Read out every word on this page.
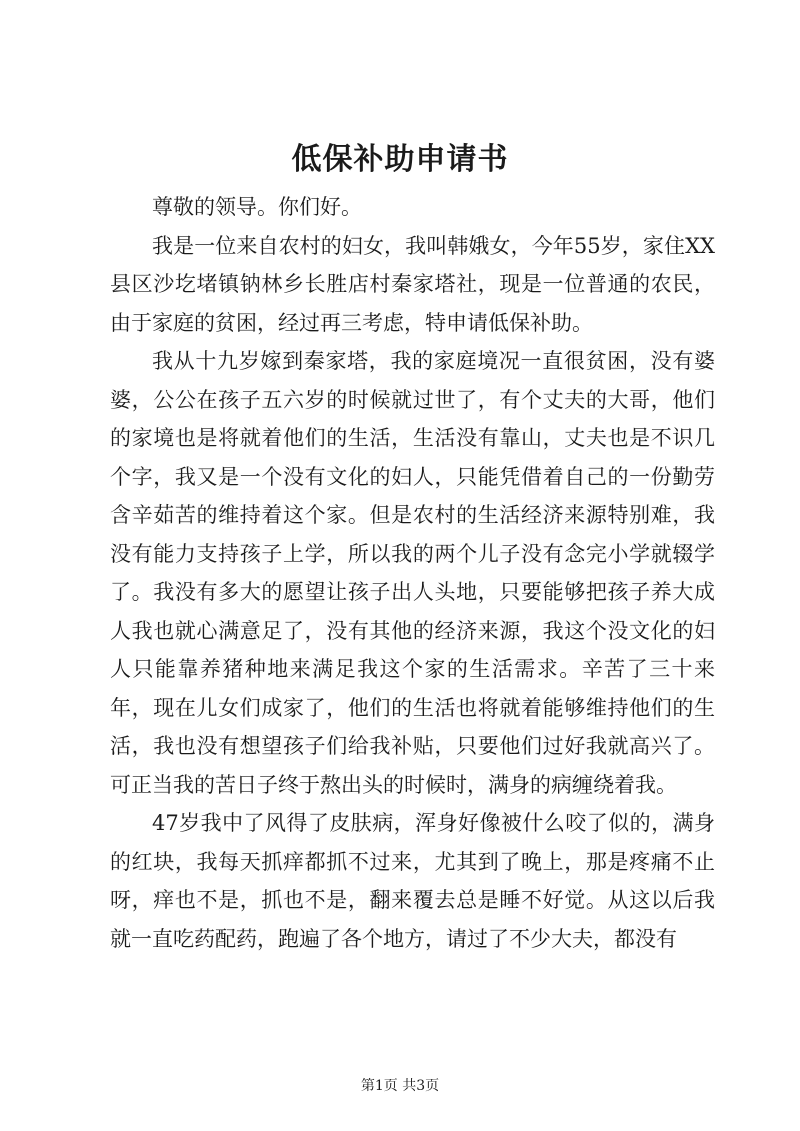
低保补助申请书

尊敬的领导。你们好。

我是一位来自农村的妇女，我叫韩娥女，今年55岁，家住XX县区沙圪堵镇钠林乡长胜店村秦家塔社，现是一位普通的农民，由于家庭的贫困，经过再三考虑，特申请低保补助。

我从十九岁嫁到秦家塔，我的家庭境况一直很贫困，没有婆婆，公公在孩子五六岁的时候就过世了，有个丈夫的大哥，他们的家境也是将就着他们的生活，生活没有靠山，丈夫也是不识几个字，我又是一个没有文化的妇人，只能凭借着自己的一份勤劳含辛茹苦的维持着这个家。但是农村的生活经济来源特别难，我没有能力支持孩子上学，所以我的两个儿子没有念完小学就辍学了。我没有多大的愿望让孩子出人头地，只要能够把孩子养大成人我也就心满意足了，没有其他的经济来源，我这个没文化的妇人只能靠养猪种地来满足我这个家的生活需求。辛苦了三十来年，现在儿女们成家了，他们的生活也将就着能够维持他们的生活，我也没有想望孩子们给我补贴，只要他们过好我就高兴了。可正当我的苦日子终于熬出头的时候时，满身的病缠绕着我。

47岁我中了风得了皮肤病，浑身好像被什么咬了似的，满身的红块，我每天抓痒都抓不过来，尤其到了晚上，那是疼痛不止呀，痒也不是，抓也不是，翻来覆去总是睡不好觉。从这以后我就一直吃药配药，跑遍了各个地方，请过了不少大夫，都没有

第1页 共3页
